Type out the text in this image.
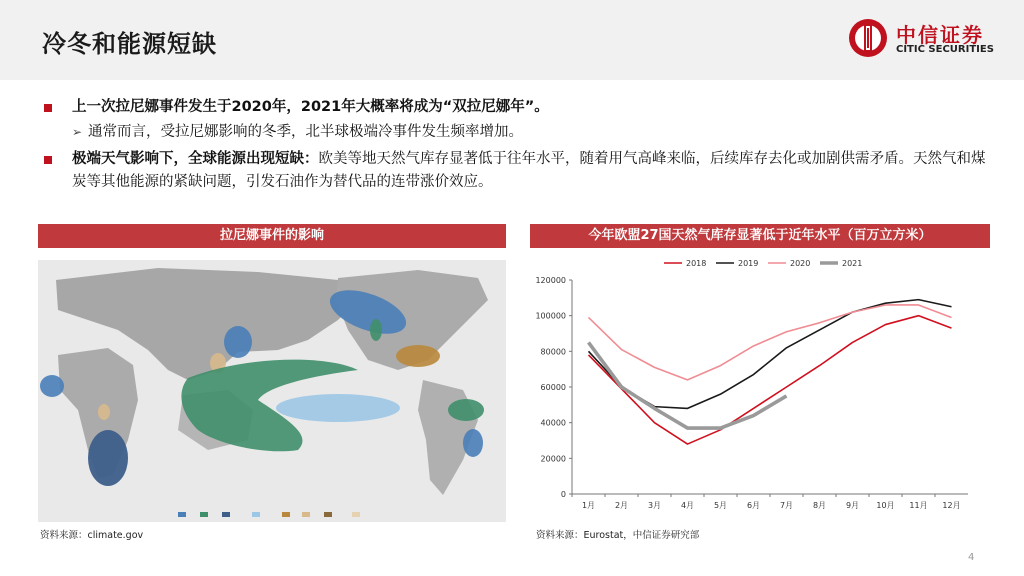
冷冬和能源短缺	中信证券
CITIC SECURITIES
上一次拉尼娜事件发生于2020年，2021年大概率将成为“双拉尼娜年”。
➢ 通常而言，受拉尼娜影响的冬季，北半球极端冷事件发生频率增加。
极端天气影响下，全球能源出现短缺：欧美等地天然气库存显著低于往年水平，随着用气高峰来临，后续库存去化或加剧供需矛盾。天然气和煤炭等其他能源的紧缺问题，引发石油作为替代品的连带涨价效应。
拉尼娜事件的影响	今年欧盟27国天然气库存显著低于近年水平（百万立方米）
资料来源：climate.gov	资料来源：Eurostat，中信证券研究部
0
20000
40000
60000
80000
100000
120000
1月 2月 3月 4月 5月 6月 7月 8月 9月 10月 11月 12月
2018	2019	2020	2021
4
